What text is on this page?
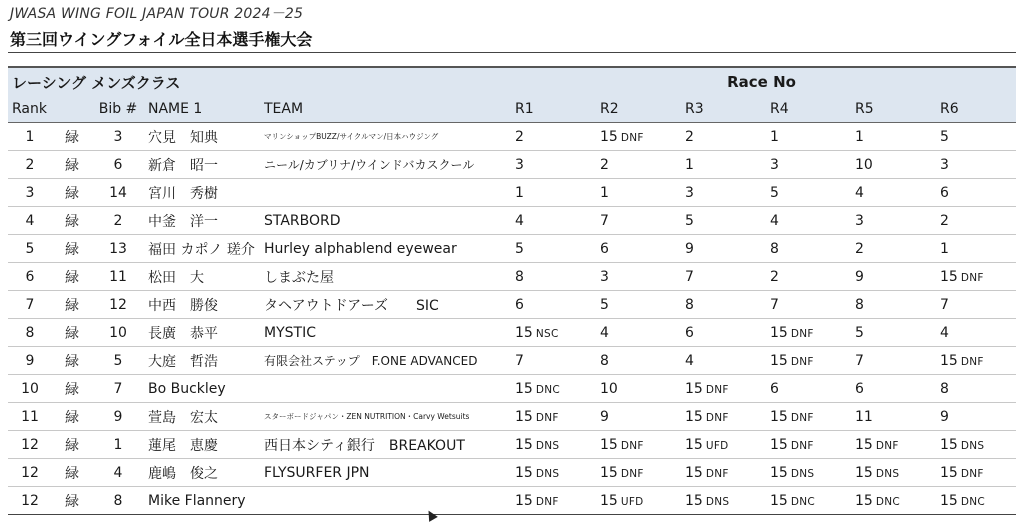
JWASA WING FOIL JAPAN TOUR 2024－25
第三回ウイングフォイル全日本選手権大会
レーシング メンズクラス					Race No					
Rank		Bib #	NAME 1	TEAM	R1	R2	R3	R4	R5	R6
1	緑	3	穴見　知典	マリンショップBUZZ/サイクルマン/日本ハウジング	2	15 DNF	2	1	1	5
2	緑	6	新倉　昭一	ニール/カブリナ/ウインドバカスクール	3	2	1	3	10	3
3	緑	14	宮川　秀樹		1	1	3	5	4	6
4	緑	2	中釜　洋一	STARBORD	4	7	5	4	3	2
5	緑	13	福田 カポノ 瑳介	Hurley alphablend eyewear	5	6	9	8	2	1
6	緑	11	松田　大	しまぶた屋	8	3	7	2	9	15 DNF
7	緑	12	中西　勝俊	タヘアウトドアーズ　　SIC	6	5	8	7	8	7
8	緑	10	長廣　恭平	MYSTIC	15 NSC	4	6	15 DNF	5	4
9	緑	5	大庭　哲浩	有限会社ステップ　F.ONE ADVANCED	7	8	4	15 DNF	7	15 DNF
10	緑	7	Bo Buckley		15 DNC	10	15 DNF	6	6	8
11	緑	9	萱島　宏太	スターボードジャパン・ZEN NUTRITION・Carvy Wetsuits	15 DNF	9	15 DNF	15 DNF	11	9
12	緑	1	蓮尾　恵慶	西日本シティ銀行　BREAKOUT	15 DNS	15 DNF	15 UFD	15 DNF	15 DNF	15 DNS
12	緑	4	鹿嶋　俊之	FLYSURFER JPN	15 DNS	15 DNF	15 DNF	15 DNS	15 DNS	15 DNF
12	緑	8	Mike Flannery		15 DNF	15 UFD	15 DNS	15 DNC	15 DNC	15 DNC
